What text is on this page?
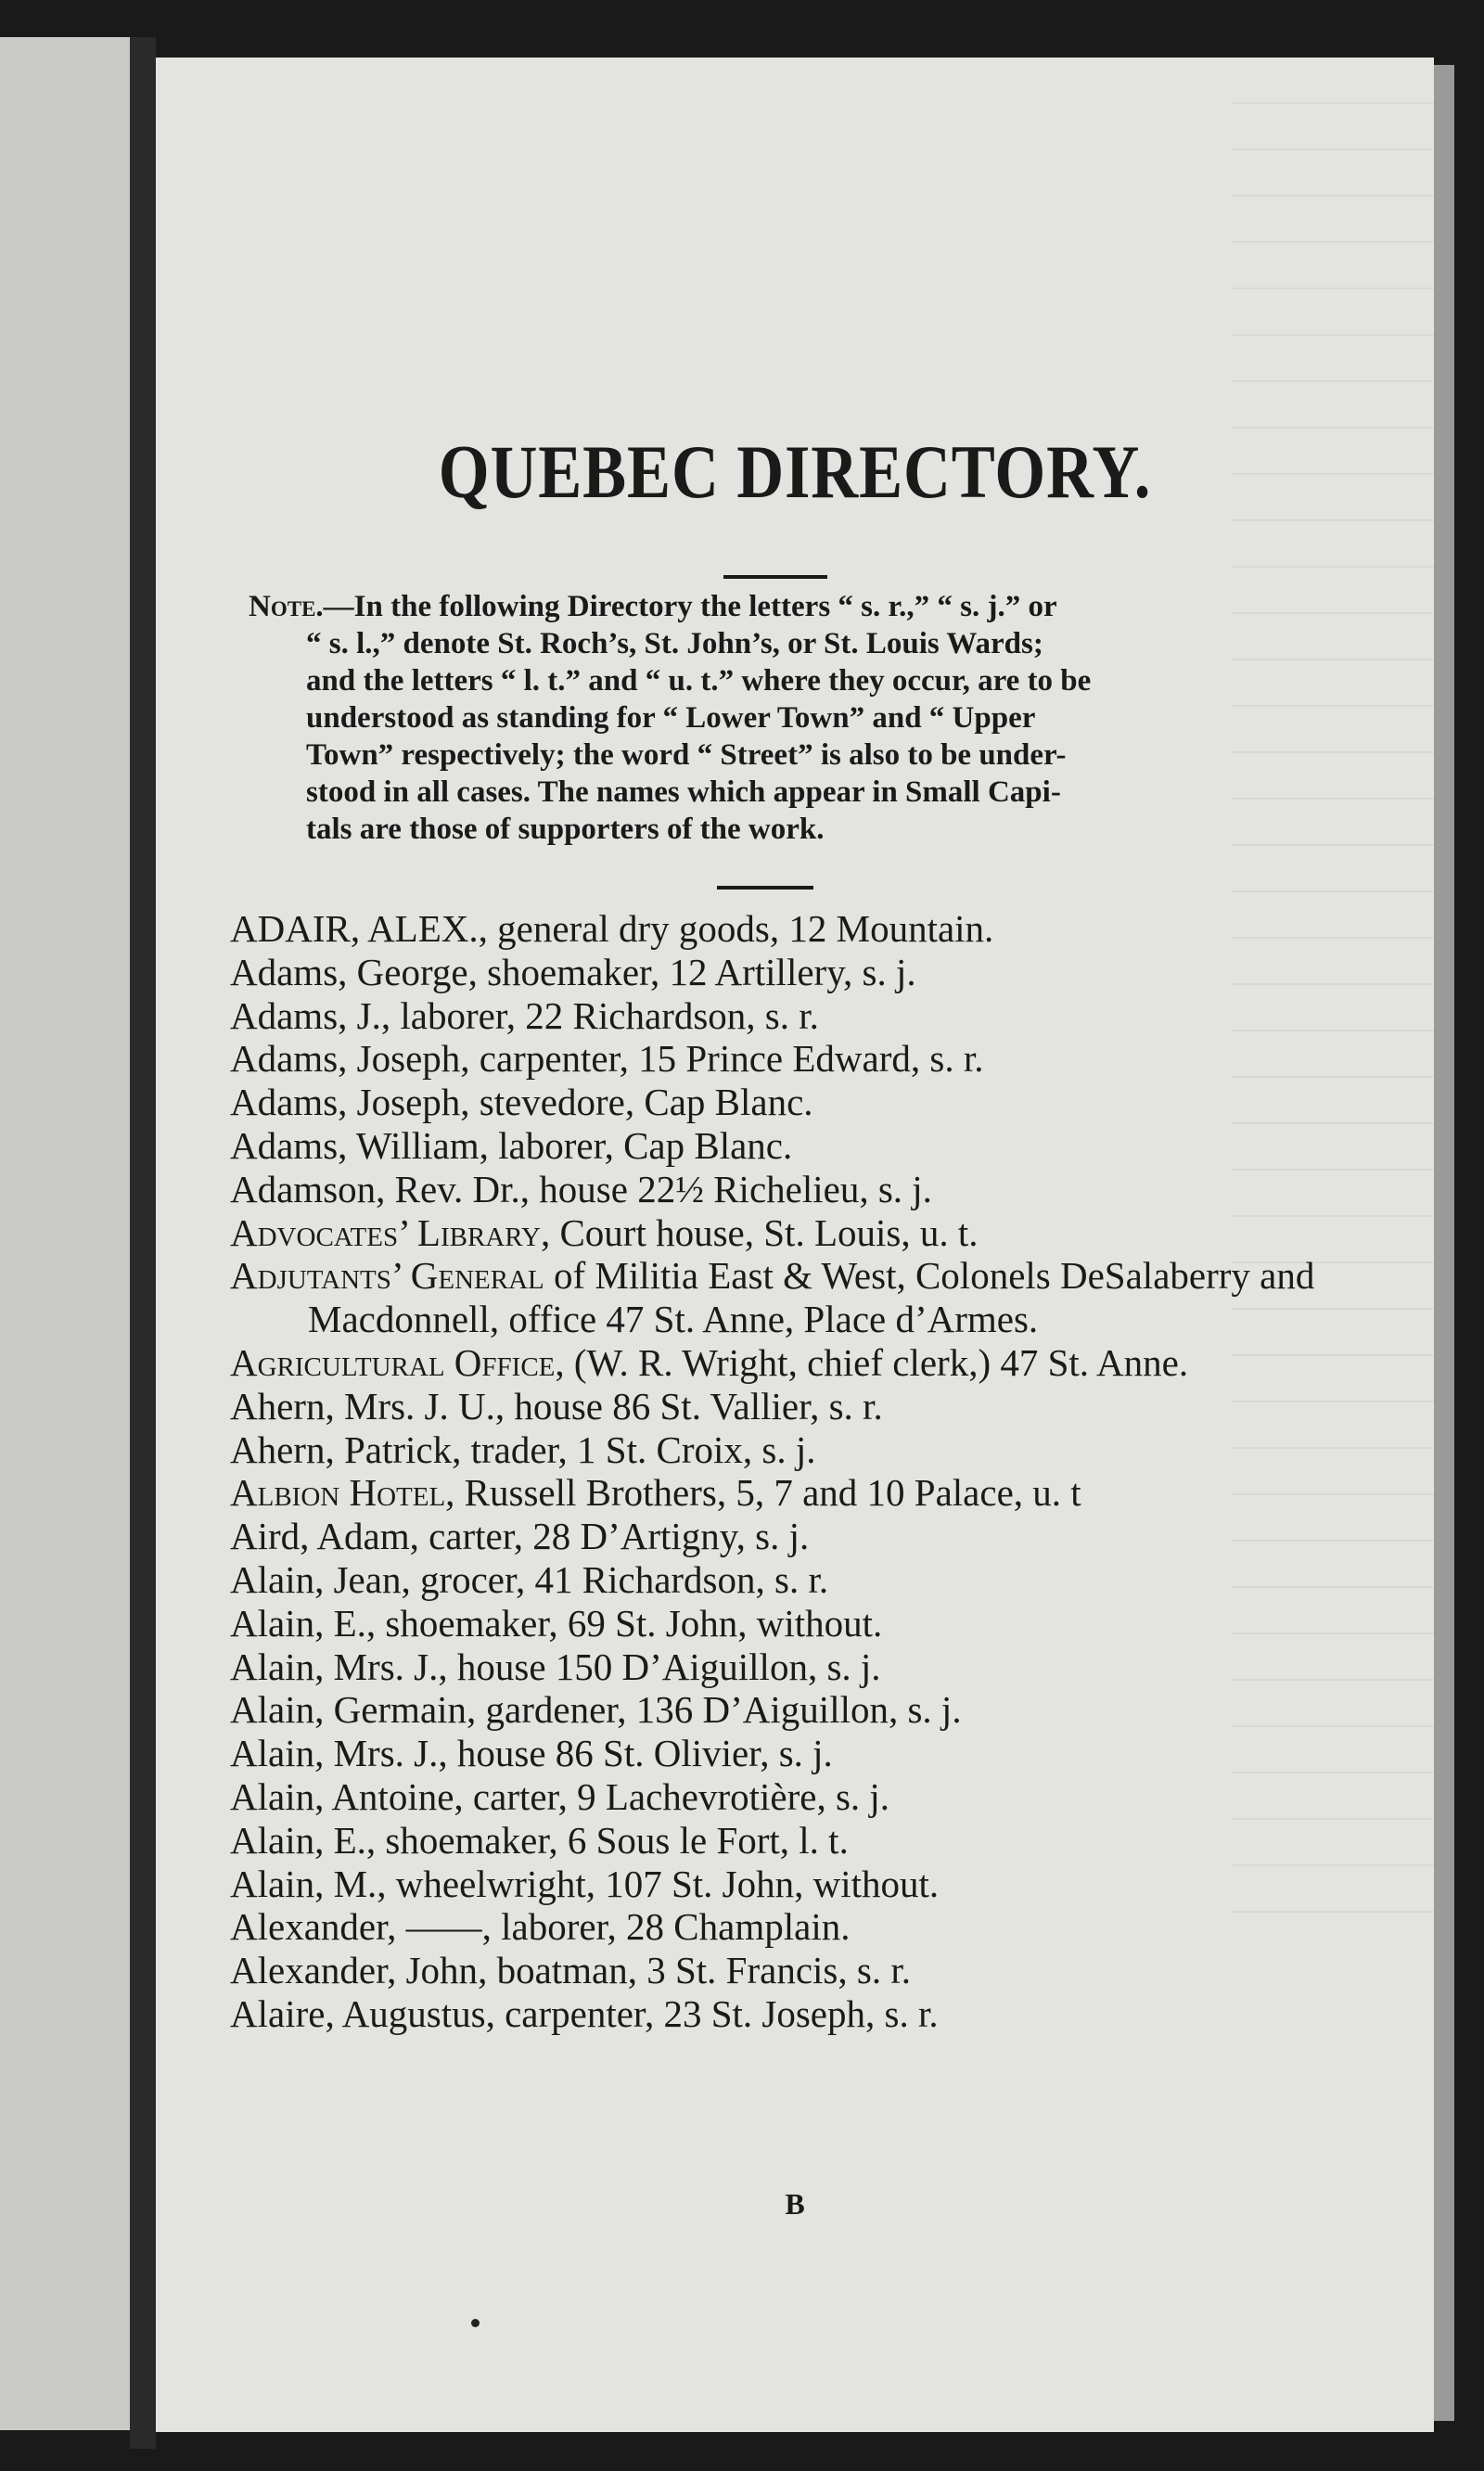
QUEBEC DIRECTORY.

Note.—In the following Directory the letters “ s. r.,” “ s. j.” or

“ s. l.,” denote St. Roch’s, St. John’s, or St. Louis Wards;

and the letters “ l. t.” and “ u. t.” where they occur, are to be

understood as standing for “ Lower Town” and “ Upper

Town” respectively; the word “ Street” is also to be under-

stood in all cases. The names which appear in Small Capi-

tals are those of supporters of the work.

ADAIR, ALEX., general dry goods, 12 Mountain.

Adams, George, shoemaker, 12 Artillery, s. j.

Adams, J., laborer, 22 Richardson, s. r.

Adams, Joseph, carpenter, 15 Prince Edward, s. r.

Adams, Joseph, stevedore, Cap Blanc.

Adams, William, laborer, Cap Blanc.

Adamson, Rev. Dr., house 22½ Richelieu, s. j.

Advocates’ Library, Court house, St. Louis, u. t.

Adjutants’ General of Militia East & West, Colonels DeSalaberry and Macdonnell, office 47 St. Anne, Place d’Armes.

Agricultural Office, (W. R. Wright, chief clerk,) 47 St. Anne.

Ahern, Mrs. J. U., house 86 St. Vallier, s. r.

Ahern, Patrick, trader, 1 St. Croix, s. j.

Albion Hotel, Russell Brothers, 5, 7 and 10 Palace, u. t

Aird, Adam, carter, 28 D’Artigny, s. j.

Alain, Jean, grocer, 41 Richardson, s. r.

Alain, E., shoemaker, 69 St. John, without.

Alain, Mrs. J., house 150 D’Aiguillon, s. j.

Alain, Germain, gardener, 136 D’Aiguillon, s. j.

Alain, Mrs. J., house 86 St. Olivier, s. j.

Alain, Antoine, carter, 9 Lachevrotière, s. j.

Alain, E., shoemaker, 6 Sous le Fort, l. t.

Alain, M., wheelwright, 107 St. John, without.

Alexander, ——, laborer, 28 Champlain.

Alexander, John, boatman, 3 St. Francis, s. r.

Alaire, Augustus, carpenter, 23 St. Joseph, s. r.

B
